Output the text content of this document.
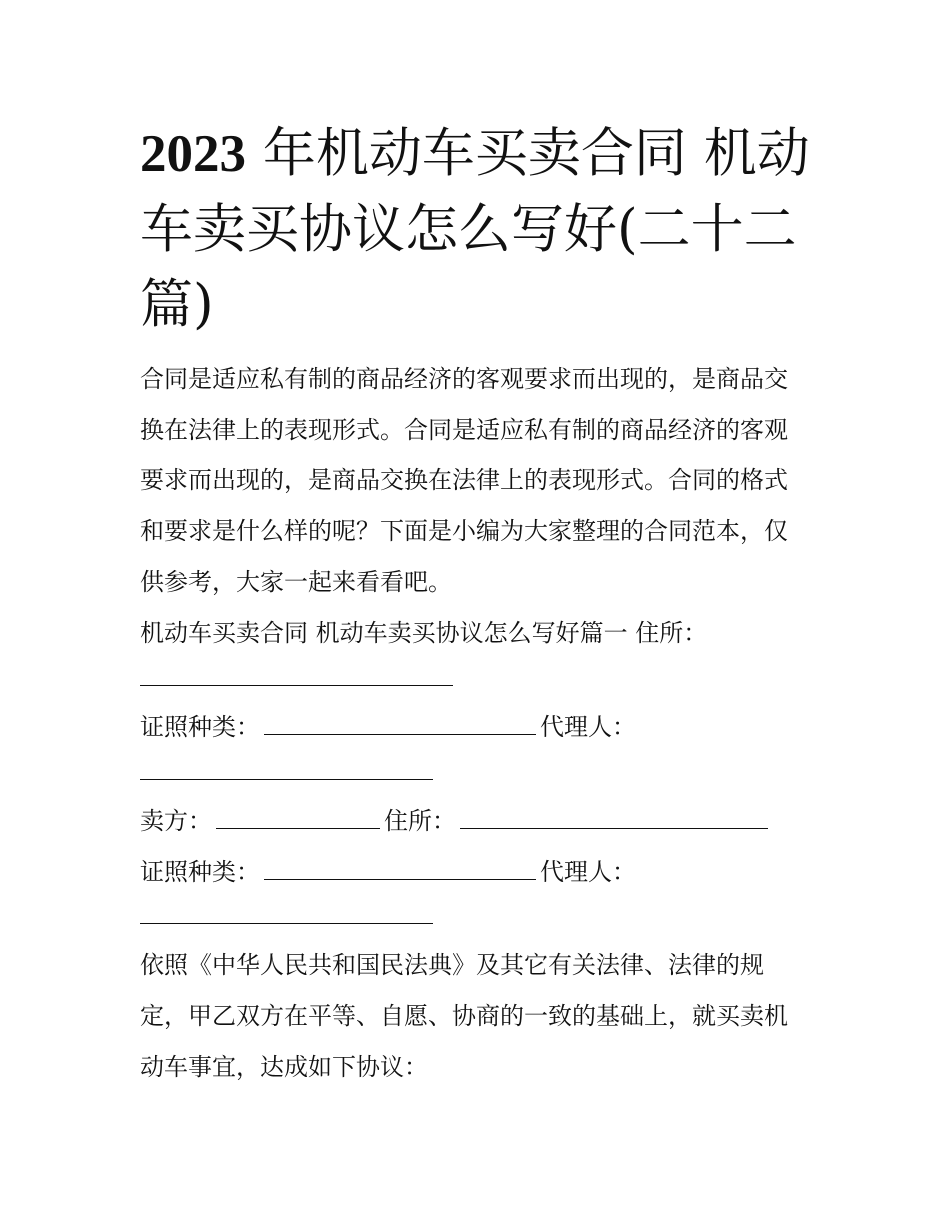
2023 年机动车买卖合同 机动
车卖买协议怎么写好(二十二
篇)

合同是适应私有制的商品经济的客观要求而出现的，是商品交

换在法律上的表现形式。合同是适应私有制的商品经济的客观

要求而出现的，是商品交换在法律上的表现形式。合同的格式

和要求是什么样的呢？下面是小编为大家整理的合同范本，仅

供参考，大家一起来看看吧。

机动车买卖合同 机动车卖买协议怎么写好篇一 住所：

证照种类：	代理人：

卖方：	住所：

证照种类：	代理人：

依照《中华人民共和国民法典》及其它有关法律、法律的规

定，甲乙双方在平等、自愿、协商的一致的基础上，就买卖机

动车事宜，达成如下协议：
